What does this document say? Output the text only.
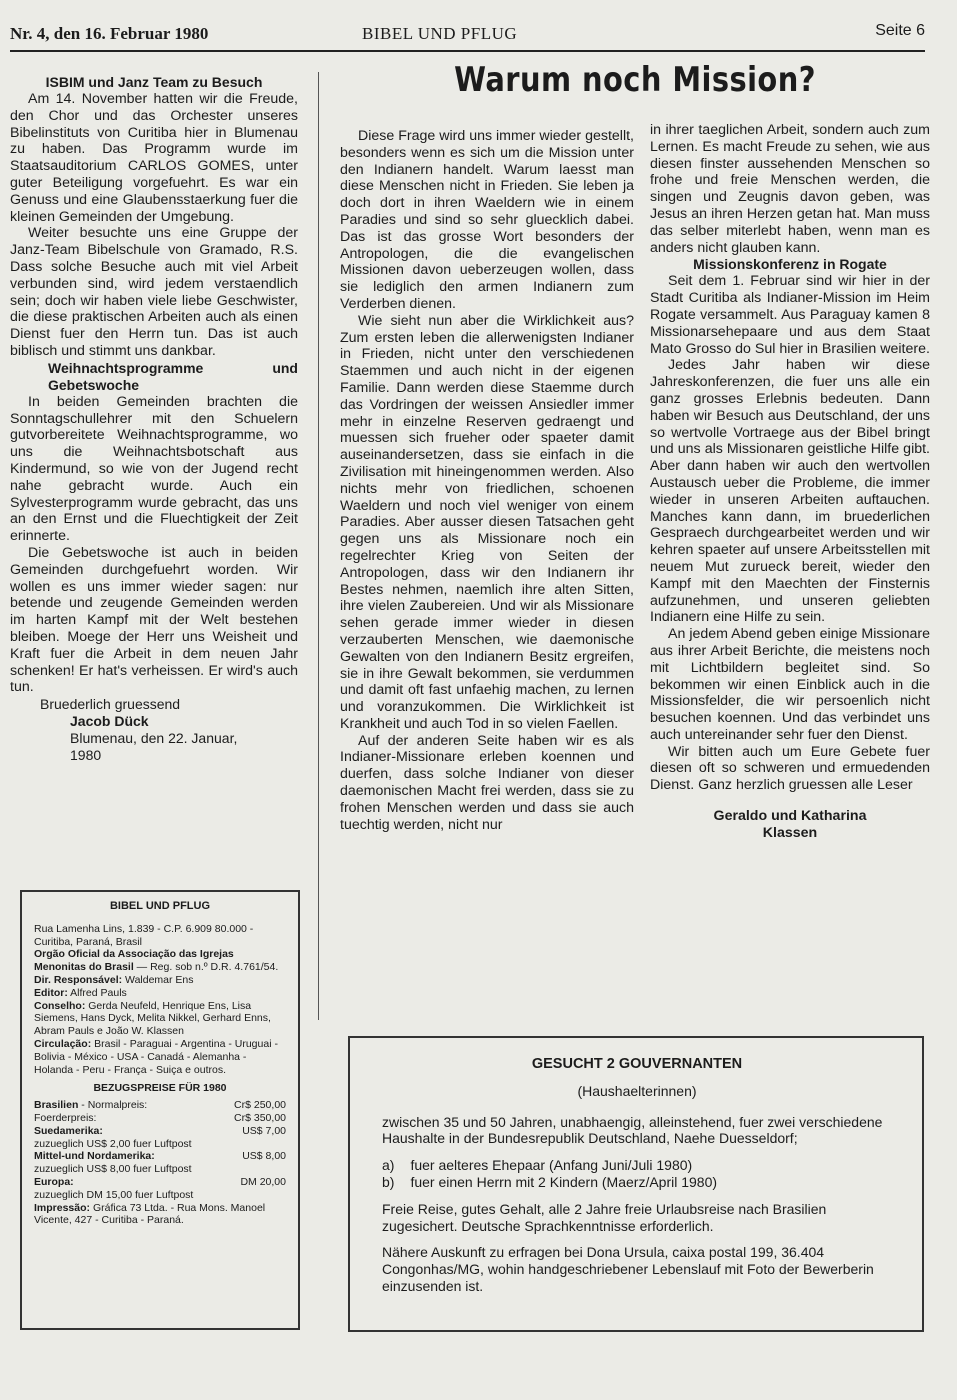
Nr. 4, den 16. Februar 1980	BIBEL UND PFLUG	Seite 6
ISBIM und Janz Team zu Besuch

Am 14. November hatten wir die Freude, den Chor und das Orchester unseres Bibelinstituts von Curitiba hier in Blumenau zu haben. Das Programm wurde im Staatsauditorium CARLOS GOMES, unter guter Beteiligung vorgefuehrt. Es war ein Genuss und eine Glaubensstaerkung fuer die kleinen Gemeinden der Umgebung.

Weiter besuchte uns eine Gruppe der Janz-Team Bibelschule von Gramado, R.S. Dass solche Besuche auch mit viel Arbeit verbunden sind, wird jedem verstaendlich sein; doch wir haben viele liebe Geschwister, die diese praktischen Arbeiten auch als einen Dienst fuer den Herrn tun. Das ist auch biblisch und stimmt uns dankbar.

Weihnachtsprogramme und Gebetswoche

In beiden Gemeinden brachten die Sonntagschullehrer mit den Schuelern gutvorbereitete Weihnachtsprogramme, wo uns die Weihnachtsbotschaft aus Kindermund, so wie von der Jugend recht nahe gebracht wurde. Auch ein Sylvesterprogramm wurde gebracht, das uns an den Ernst und die Fluechtigkeit der Zeit erinnerte.

Die Gebetswoche ist auch in beiden Gemeinden durchgefuehrt worden. Wir wollen es uns immer wieder sagen: nur betende und zeugende Gemeinden werden im harten Kampf mit der Welt bestehen bleiben. Moege der Herr uns Weisheit und Kraft fuer die Arbeit in dem neuen Jahr schenken! Er hat's verheissen. Er wird's auch tun.

Bruederlich gruessend
Jacob Dück
Blumenau, den 22. Januar,
1980
BIBEL UND PFLUG
Rua Lamenha Lins, 1.839 - C.P. 6.909 80.000 - Curitiba, Paraná, Brasil
Orgão Oficial da Associação das Igrejas Menonitas do Brasil — Reg. sob n.º D.R. 4.761/54.
Dir. Responsável: Waldemar Ens
Editor: Alfred Pauls
Conselho: Gerda Neufeld, Henrique Ens, Lisa Siemens, Hans Dyck, Melita Nikkel, Gerhard Enns, Abram Pauls e João W. Klassen
Circulação: Brasil - Paraguai - Argentina - Uruguai - Bolivia - México - USA - Canadá - Alemanha - Holanda - Peru - França - Suiça e outros.
BEZUGSPREISE FÜR 1980
Brasilien - Normalpreis:	Cr$ 250,00
Foerderpreis:	Cr$ 350,00
Suedamerika:	US$ 7,00
zuzueglich US$ 2,00 fuer Luftpost
Mittel-und Nordamerika:	US$ 8,00
zuzueglich US$ 8,00 fuer Luftpost
Europa:	DM 20,00
zuzueglich DM 15,00 fuer Luftpost
Impressão: Gráfica 73 Ltda. - Rua Mons. Manoel Vicente, 427 - Curitiba - Paraná.
Warum noch Mission?

Diese Frage wird uns immer wieder gestellt, besonders wenn es sich um die Mission unter den Indianern handelt. Warum laesst man diese Menschen nicht in Frieden. Sie leben ja doch dort in ihren Waeldern wie in einem Paradies und sind so sehr gluecklich dabei. Das ist das grosse Wort besonders der Antropologen, die die evangelischen Missionen davon ueberzeugen wollen, dass sie lediglich den armen Indianern zum Verderben dienen.

Wie sieht nun aber die Wirklichkeit aus? Zum ersten leben die allerwenigsten Indianer in Frieden, nicht unter den verschiedenen Staemmen und auch nicht in der eigenen Familie. Dann werden diese Staemme durch das Vordringen der weissen Ansiedler immer mehr in einzelne Reserven gedraengt und muessen sich frueher oder spaeter damit auseinandersetzen, dass sie einfach in die Zivilisation mit hineingenommen werden. Also nichts mehr von friedlichen, schoenen Waeldern und noch viel weniger von einem Paradies. Aber ausser diesen Tatsachen geht gegen uns als Missionare noch ein regelrechter Krieg von Seiten der Antropologen, dass wir den Indianern ihr Bestes nehmen, naemlich ihre alten Sitten, ihre vielen Zaubereien. Und wir als Missionare sehen gerade immer wieder in diesen verzauberten Menschen, wie daemonische Gewalten von den Indianern Besitz ergreifen, sie in ihre Gewalt bekommen, sie verdummen und damit oft fast unfaehig machen, zu lernen und voranzukommen. Die Wirklichkeit ist Krankheit und auch Tod in so vielen Faellen.

Auf der anderen Seite haben wir es als Indianer-Missionare erleben koennen und duerfen, dass solche Indianer von dieser daemonischen Macht frei werden, dass sie zu frohen Menschen werden und dass sie auch tuechtig werden, nicht nur

in ihrer taeglichen Arbeit, sondern auch zum Lernen. Es macht Freude zu sehen, wie aus diesen finster aussehenden Menschen so frohe und freie Menschen werden, die singen und Zeugnis davon geben, was Jesus an ihren Herzen getan hat. Man muss das selber miterlebt haben, wenn man es anders nicht glauben kann.

Missionskonferenz in Rogate

Seit dem 1. Februar sind wir hier in der Stadt Curitiba als Indianer-Mission im Heim Rogate versammelt. Aus Paraguay kamen 8 Missionarsehepaare und aus dem Staat Mato Grosso do Sul hier in Brasilien weitere.

Jedes Jahr haben wir diese Jahreskonferenzen, die fuer uns alle ein ganz grosses Erlebnis bedeuten. Dann haben wir Besuch aus Deutschland, der uns so wertvolle Vortraege aus der Bibel bringt und uns als Missionaren geistliche Hilfe gibt. Aber dann haben wir auch den wertvollen Austausch ueber die Probleme, die immer wieder in unseren Arbeiten auftauchen. Manches kann dann, im bruederlichen Gespraech durchgearbeitet werden und wir kehren spaeter auf unsere Arbeitsstellen mit neuem Mut zurueck bereit, wieder den Kampf mit den Maechten der Finsternis aufzunehmen, und unseren geliebten Indianern eine Hilfe zu sein.

An jedem Abend geben einige Missionare aus ihrer Arbeit Berichte, die meistens noch mit Lichtbildern begleitet sind. So bekommen wir einen Einblick auch in die Missionsfelder, die wir persoenlich nicht besuchen koennen. Und das verbindet uns auch untereinander sehr fuer den Dienst.

Wir bitten auch um Eure Gebete fuer diesen oft so schweren und ermuedenden Dienst. Ganz herzlich gruessen alle Leser

Geraldo und Katharina
Klassen
GESUCHT 2 GOUVERNANTEN
(Haushaelterinnen)

zwischen 35 und 50 Jahren, unabhaengig, alleinstehend, fuer zwei verschiedene Haushalte in der Bundesrepublik Deutschland, Naehe Duesseldorf;

a) fuer aelteres Ehepaar (Anfang Juni/Juli 1980)
b) fuer einen Herrn mit 2 Kindern (Maerz/April 1980)

Freie Reise, gutes Gehalt, alle 2 Jahre freie Urlaubsreise nach Brasilien zugesichert. Deutsche Sprachkenntnisse erforderlich.

Nähere Auskunft zu erfragen bei Dona Ursula, caixa postal 199, 36.404 Congonhas/MG, wohin handgeschriebener Lebenslauf mit Foto der Bewerberin einzusenden ist.
